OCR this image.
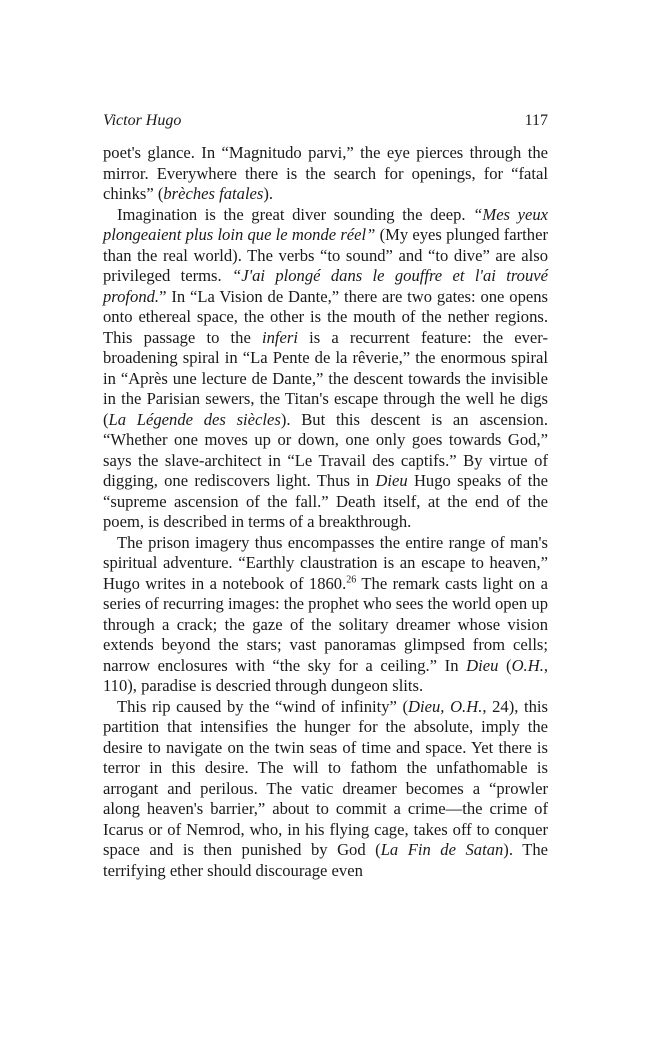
Victor Hugo	117

poet's glance. In “Magnitudo parvi,” the eye pierces through the mirror. Everywhere there is the search for openings, for “fatal chinks” (brèches fatales).

Imagination is the great diver sounding the deep. “Mes yeux plongeaient plus loin que le monde réel” (My eyes plunged farther than the real world). The verbs “to sound” and “to dive” are also privileged terms. “J'ai plongé dans le gouffre et l'ai trouvé profond.” In “La Vision de Dante,” there are two gates: one opens onto ethereal space, the other is the mouth of the nether regions. This passage to the inferi is a recurrent feature: the ever-broadening spiral in “La Pente de la rêverie,” the enormous spiral in “Après une lecture de Dante,” the descent towards the invisible in the Parisian sewers, the Titan's escape through the well he digs (La Légende des siècles). But this descent is an ascension. “Whether one moves up or down, one only goes towards God,” says the slave-architect in “Le Travail des captifs.” By virtue of digging, one rediscovers light. Thus in Dieu Hugo speaks of the “supreme ascension of the fall.” Death itself, at the end of the poem, is described in terms of a breakthrough.

The prison imagery thus encompasses the entire range of man's spiritual adventure. “Earthly claustration is an escape to heaven,” Hugo writes in a notebook of 1860.26 The remark casts light on a series of recurring images: the prophet who sees the world open up through a crack; the gaze of the solitary dreamer whose vision extends beyond the stars; vast panoramas glimpsed from cells; narrow enclosures with “the sky for a ceiling.” In Dieu (O.H., 110), paradise is descried through dungeon slits.

This rip caused by the “wind of infinity” (Dieu, O.H., 24), this partition that intensifies the hunger for the absolute, imply the desire to navigate on the twin seas of time and space. Yet there is terror in this desire. The will to fathom the unfathomable is arrogant and perilous. The vatic dreamer becomes a “prowler along heaven's barrier,” about to commit a crime—the crime of Icarus or of Nemrod, who, in his flying cage, takes off to conquer space and is then punished by God (La Fin de Satan). The terrifying ether should discourage even
